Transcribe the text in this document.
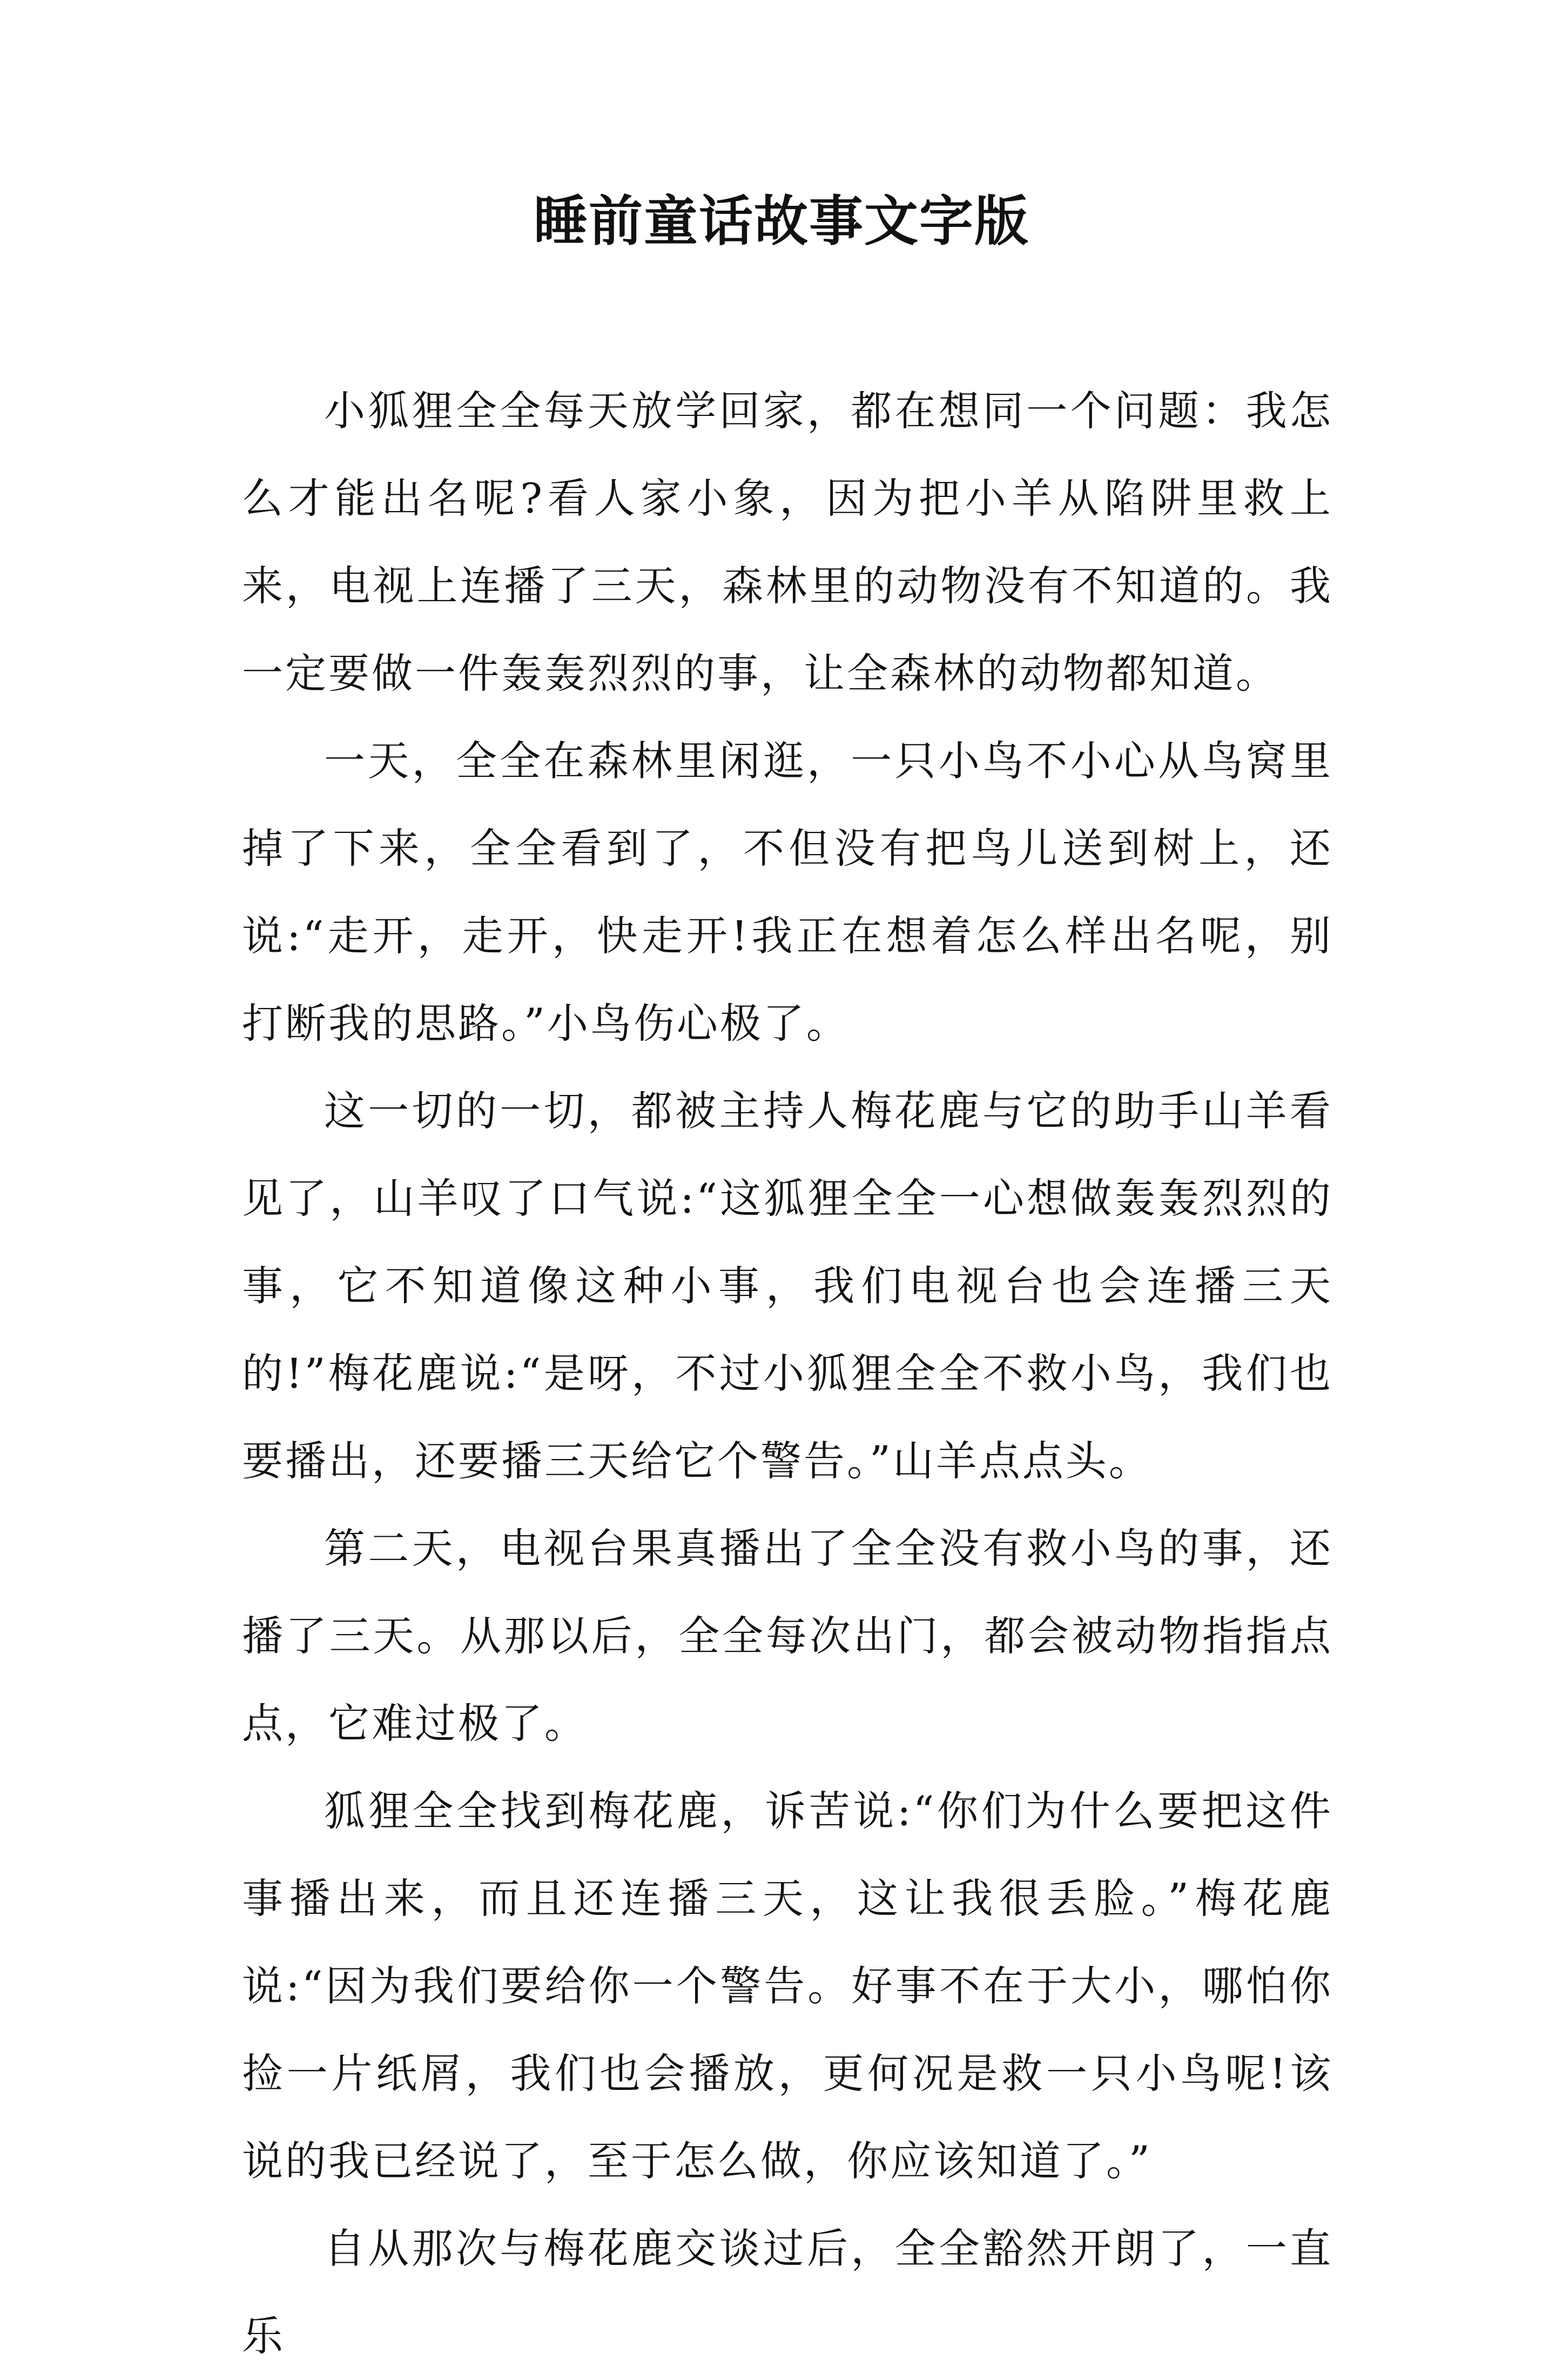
睡前童话故事文字版

小狐狸全全每天放学回家，都在想同一个问题：我怎么才能出名呢?看人家小象，因为把小羊从陷阱里救上来，电视上连播了三天，森林里的动物没有不知道的。我一定要做一件轰轰烈烈的事，让全森林的动物都知道。

一天，全全在森林里闲逛，一只小鸟不小心从鸟窝里掉了下来，全全看到了，不但没有把鸟儿送到树上，还说:“走开，走开，快走开!我正在想着怎么样出名呢，别打断我的思路。”小鸟伤心极了。

这一切的一切，都被主持人梅花鹿与它的助手山羊看见了，山羊叹了口气说:“这狐狸全全一心想做轰轰烈烈的事，它不知道像这种小事，我们电视台也会连播三天的!”梅花鹿说:“是呀，不过小狐狸全全不救小鸟，我们也要播出，还要播三天给它个警告。”山羊点点头。

第二天，电视台果真播出了全全没有救小鸟的事，还播了三天。从那以后，全全每次出门，都会被动物指指点点，它难过极了。

狐狸全全找到梅花鹿，诉苦说:“你们为什么要把这件事播出来，而且还连播三天，这让我很丢脸。”梅花鹿说:“因为我们要给你一个警告。好事不在于大小，哪怕你捡一片纸屑，我们也会播放，更何况是救一只小鸟呢!该说的我已经说了，至于怎么做，你应该知道了。”

自从那次与梅花鹿交谈过后，全全豁然开朗了，一直乐
